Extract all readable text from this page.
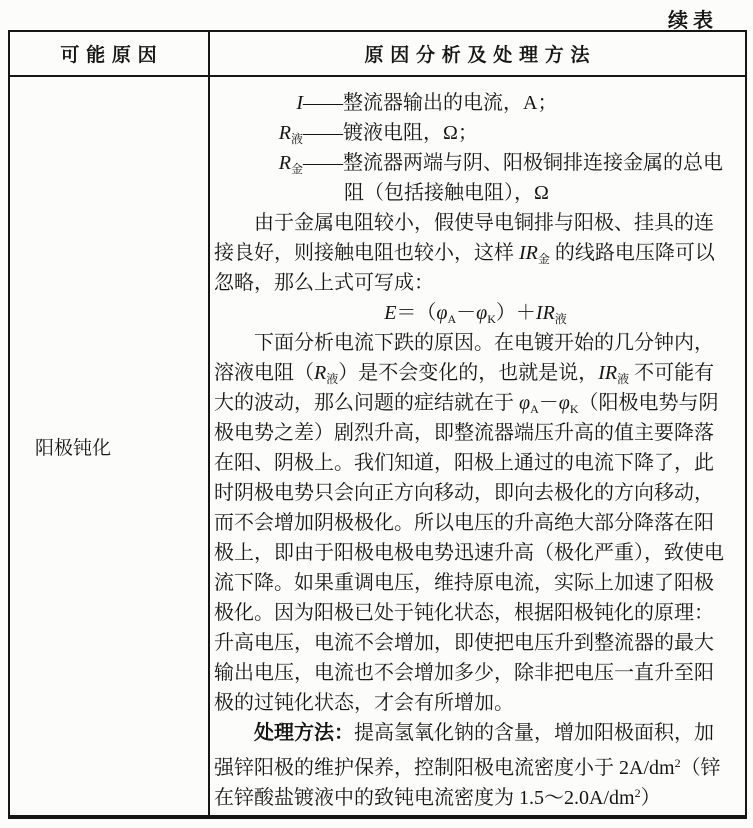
续表
可 能 原 因	原 因 分 析 及 处 理 方 法
阳极钝化
I——整流器输出的电流，A；
$R_液——$镀液电阻，Ω；
$R_金——$整流器两端与阴、阳极铜排连接金属的总电
阻（包括接触电阻），Ω
由于金属电阻较小，假使导电铜排与阳极、挂具的连
接良好，则接触电阻也较小，这样 $IR_金$ 的线路电压降可以
忽略，那么上式可写成：
$E=(\varphi_A-\varphi_K)+IR_液$
下面分析电流下跌的原因。在电镀开始的几分钟内，
溶液电阻$(R_液)$是不会变化的，也就是说，$IR_液$ 不可能有
大的波动，那么问题的症结就在于 $\varphi_A-\varphi_K$（阳极电势与阴
极电势之差）剧烈升高，即整流器端压升高的值主要降落
在阳、阴极上。我们知道，阳极上通过的电流下降了，此
时阴极电势只会向正方向移动，即向去极化的方向移动，
而不会增加阴极极化。所以电压的升高绝大部分降落在阳
极上，即由于阳极电极电势迅速升高（极化严重），致使电
流下降。如果重调电压，维持原电流，实际上加速了阳极
极化。因为阳极已处于钝化状态，根据阳极钝化的原理：
升高电压，电流不会增加，即使把电压升到整流器的最大
输出电压，电流也不会增加多少，除非把电压一直升至阳
极的过钝化状态，才会有所增加。
处理方法：提高氢氧化钠的含量，增加阳极面积，加
强锌阳极的维护保养，控制阳极电流密度小于 $2A/dm^2$（锌
在锌酸盐镀液中的致钝电流密度为 $1.5\sim 2.0A/dm^2$）
